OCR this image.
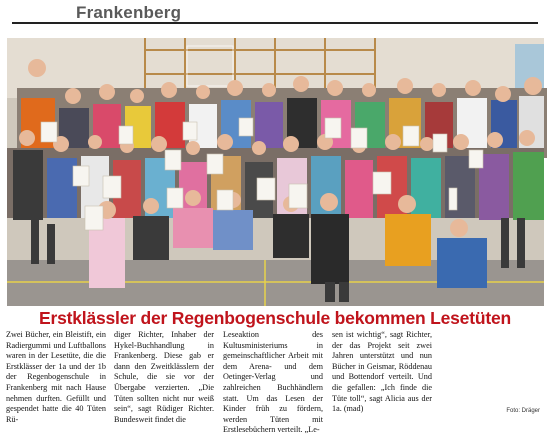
Frankenberg
Erstklässler der Regenbogenschule bekommen Lesetüten
Zwei Bücher, ein Bleistift, ein Radiergummi und Luftballons waren in der Lesetüte, die die Erstklässer der 1a und der 1b der Regenbogenschule in Frankenberg mit nach Hause nehmen durften. Gefüllt und gespendet hatte die 40 Tüten Rü-
diger Richter, Inhaber der Hykel-Buchhandlung in Frankenberg. Diese gab er dann den Zweitklässlern der Schule, die sie vor der Übergabe verzierten. „Die Tüten sollten nicht nur weiß sein“, sagt Rüdiger Richter. Bundesweit findet die
Leseaktion des Kultusministeriums in gemeinschaftlicher Arbeit mit dem Arena- und dem Oetinger-Verlag und zahlreichen Buchhändlern statt. Um das Lesen der Kinder früh zu fördern, werden Tüten mit Erstlesebüchern verteilt. „Le-
sen ist wichtig“, sagt Richter, der das Projekt seit zwei Jahren unterstützt und nun Bücher in Geismar, Röddenau und Bottendorf verteilt. Und die gefallen: „Ich finde die Tüte toll“, sagt Alicia aus der 1a. (mad)	Foto: Dräger
